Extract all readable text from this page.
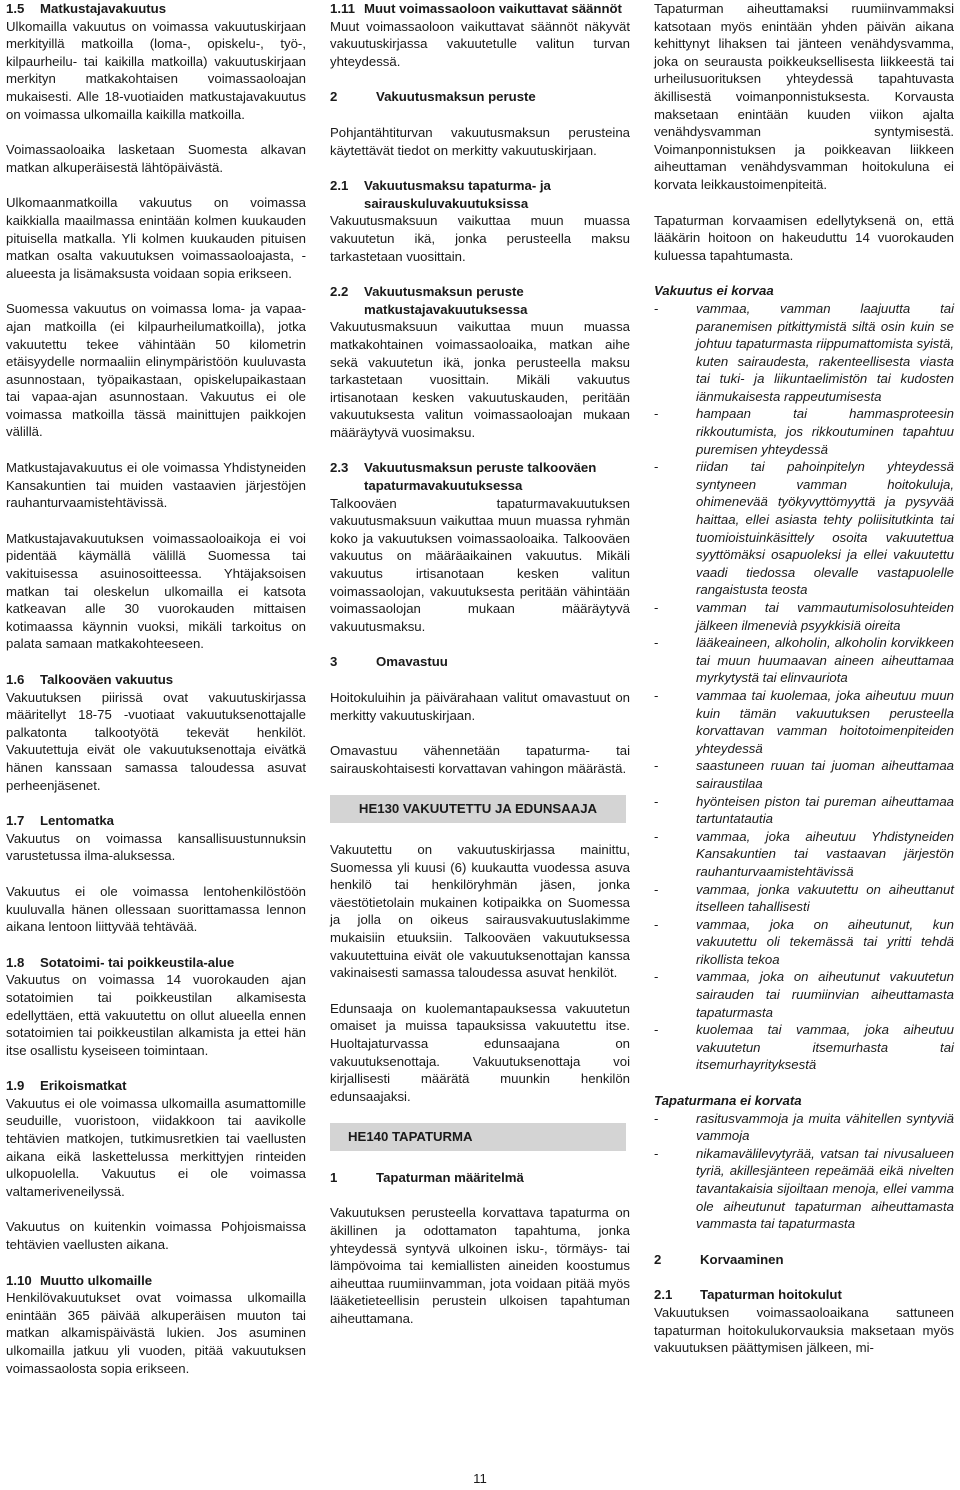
1.5 Matkustajavakuutus

Ulkomailla vakuutus on voimassa vakuutuskirjaan merkityillä matkoilla (loma-, opiskelu-, työ-, kilpaurheilu- tai kaikilla matkoilla) vakuutuskirjaan merkityn matkakohtaisen voimassaoloajan mukaisesti. Alle 18-vuotiaiden matkustajavakuutus on voimassa ulkomailla kaikilla matkoilla.

Voimassaoloaika lasketaan Suomesta alkavan matkan alkuperäisestä lähtöpäivästä.

Ulkomaanmatkoilla vakuutus on voimassa kaikkialla maailmassa enintään kolmen kuukauden pituisella matkalla. Yli kolmen kuukauden pituisen matkan osalta vakuutuksen voimassaoloajasta, -alueesta ja lisämaksusta voidaan sopia erikseen.

Suomessa vakuutus on voimassa loma- ja vapaa-ajan matkoilla (ei kilpaurheilumatkoilla), jotka vakuutettu tekee vähintään 50 kilometrin etäisyydelle normaaliin elinympäristöön kuuluvasta asunnostaan, työpaikastaan, opiskelupaikastaan tai vapaa-ajan asunnostaan. Vakuutus ei ole voimassa matkoilla tässä mainittujen paikkojen välillä.

Matkustajavakuutus ei ole voimassa Yhdistyneiden Kansakuntien tai muiden vastaavien järjestöjen rauhanturvaamistehtävissä.

Matkustajavakuutuksen voimassaoloaikoja ei voi pidentää käymällä välillä Suomessa tai vakituisessa asuinosoitteessa. Yhtäjaksoisen matkan tai oleskelun ulkomailla ei katsota katkeavan alle 30 vuorokauden mittaisen kotimaassa käynnin vuoksi, mikäli tarkoitus on palata samaan matkakohteeseen.

1.6 Talkooväen vakuutus

Vakuutuksen piirissä ovat vakuutuskirjassa määritellyt 18-75 -vuotiaat vakuutuksenottajalle palkatonta talkootyötä tekevät henkilöt. Vakuutettuja eivät ole vakuutuksenottaja eivätkä hänen kanssaan samassa taloudessa asuvat perheenjäsenet.

1.7 Lentomatka

Vakuutus on voimassa kansallisuustunnuksin varustetussa ilma-aluksessa.

Vakuutus ei ole voimassa lentohenkilöstöön kuuluvalla hänen ollessaan suorittamassa lennon aikana lentoon liittyvää tehtävää.

1.8 Sotatoimi- tai poikkeustila-alue

Vakuutus on voimassa 14 vuorokauden ajan sotatoimien tai poikkeustilan alkamisesta edellyttäen, että vakuutettu on ollut alueella ennen sotatoimien tai poikkeustilan alkamista ja ettei hän itse osallistu kyseiseen toimintaan.

1.9 Erikoismatkat

Vakuutus ei ole voimassa ulkomailla asumattomille seuduille, vuoristoon, viidakkoon tai aavikolle tehtävien matkojen, tutkimusretkien tai vaellusten aikana eikä laskettelussa merkittyjen rinteiden ulkopuolella. Vakuutus ei ole voimassa valtameriveneilyssä.

Vakuutus on kuitenkin voimassa Pohjoismaissa tehtävien vaellusten aikana.

1.10 Muutto ulkomaille

Henkilövakuutukset ovat voimassa ulkomailla enintään 365 päivää alkuperäisen muuton tai matkan alkamispäivästä lukien. Jos asuminen ulkomailla jatkuu yli vuoden, pitää vakuutuksen voimassaolosta sopia erikseen.

1.11 Muut voimassaoloon vaikuttavat säännöt

Muut voimassaoloon vaikuttavat säännöt näkyvät vakuutuskirjassa vakuutetulle valitun turvan yhteydessä.

2	Vakuutusmaksun peruste

Pohjantähtiturvan vakuutusmaksun perusteina käytettävät tiedot on merkitty vakuutuskirjaan.

2.1	Vakuutusmaksu tapaturma- ja sairauskuluvakuutuksissa

Vakuutusmaksuun vaikuttaa muun muassa vakuutetun ikä, jonka perusteella maksu tarkastetaan vuosittain.

2.2	Vakuutusmaksun peruste matkustajavakuutuksessa

Vakuutusmaksuun vaikuttaa muun muassa matkakohtainen voimassaoloaika, matkan aihe sekä vakuutetun ikä, jonka perusteella maksu tarkastetaan vuosittain. Mikäli vakuutus irtisanotaan kesken vakuutuskauden, peritään vakuutuksesta valitun voimassaoloajan mukaan määräytyvä vuosimaksu.

2.3	Vakuutusmaksun peruste talkooväen tapaturmavakuutuksessa

Talkooväen tapaturmavakuutuksen vakuutusmaksuun vaikuttaa muun muassa ryhmän koko ja vakuutuksen voimassaoloaika. Talkooväen vakuutus on määräaikainen vakuutus. Mikäli vakuutus irtisanotaan kesken valitun voimassaolojan, vakuutuksesta peritään vähintään voimassaolojan mukaan määräytyvä vakuutusmaksu.

3	Omavastuu

Hoitokuluihin ja päivärahaan valitut omavastuut on merkitty vakuutuskirjaan.

Omavastuu vähennetään tapaturma- tai sairauskohtaisesti korvattavan vahingon määrästä.

HE130 VAKUUTETTU JA EDUNSAAJA

Vakuutettu on vakuutuskirjassa mainittu, Suomessa yli kuusi (6) kuukautta vuodessa asuva henkilö tai henkilöryhmän jäsen, jonka väestötietolain mukainen kotipaikka on Suomessa ja jolla on oikeus sairausvakuutuslakimme mukaisiin etuuksiin. Talkooväen vakuutuksessa vakuutettuina eivät ole vakuutuksenottajan kanssa vakinaisesti samassa taloudessa asuvat henkilöt.

Edunsaaja on kuolemantapauksessa vakuutetun omaiset ja muissa tapauksissa vakuutettu itse. Huoltajaturvassa edunsaajana on vakuutuksenottaja. Vakuutuksenottaja voi kirjallisesti määrätä muunkin henkilön edunsaajaksi.

HE140 TAPATURMA
1	Tapaturman määritelmä

Vakuutuksen perusteella korvattava tapaturma on äkillinen ja odottamaton tapahtuma, jonka yhteydessä syntyvä ulkoinen isku-, törmäys- tai lämpövoima tai kemiallisten aineiden koostumus aiheuttaa ruumiinvamman, jota voidaan pitää myös lääketieteellisin perustein ulkoisen tapahtuman aiheuttamana.

Tapaturman aiheuttamaksi ruumiinvammaksi katsotaan myös enintään yhden päivän aikana kehittynyt lihaksen tai jänteen venähdysvamma, joka on seurausta poikkeuksellisesta liikkeestä tai urheilusuorituksen yhteydessä tapahtuvasta äkillisestä voimanponnistuksesta. Korvausta maksetaan enintään kuuden viikon ajalta venähdysvamman syntymisestä. Voimanponnistuksen ja poikkeavan liikkeen aiheuttaman venähdysvamman hoitokuluna ei korvata leikkaustoimenpiteitä.

Tapaturman korvaamisen edellytyksenä on, että lääkärin hoitoon on hakeuduttu 14 vuorokauden kuluessa tapahtumasta.

Vakuutus ei korvaa
-	vammaa, vamman laajuutta tai paranemisen pitkittymistä siltä osin kuin se johtuu tapaturmasta riippumattomista syistä, kuten sairaudesta, rakenteellisesta viasta tai tuki- ja liikuntaelimistön tai kudosten iänmukaisesta rappeutumisesta
-	hampaan tai hammasproteesin rikkoutumista, jos rikkoutuminen tapahtuu puremisen yhteydessä
-	riidan tai pahoinpitelyn yhteydessä syntyneen vamman hoitokuluja, ohimenevää työkyvyttömyyttä ja pysyvää haittaa, ellei asiasta tehty poliisitutkinta tai tuomioistuinkäsittely osoita vakuutettua syyttömäksi osapuoleksi ja ellei vakuutettu vaadi tiedossa olevalle vastapuolelle rangaistusta teosta
-	vamman tai vammautumisolosuhteiden jälkeen ilmenevià psyykkisiä oireita
-	lääkeaineen, alkoholin, alkoholin korvikkeen tai muun huumaavan aineen aiheuttamaa myrkytystä tai elinvauriota
-	vammaa tai kuolemaa, joka aiheutuu muun kuin tämän vakuutuksen perusteella korvattavan vamman hoitotoimenpiteiden yhteydessä
-	saastuneen ruuan tai juoman aiheuttamaa sairaustilaa
-	hyönteisen piston tai pureman aiheuttamaa tartuntatautia
-	vammaa, joka aiheutuu Yhdistyneiden Kansakuntien tai vastaavan järjestön rauhanturvaamistehtävissä
-	vammaa, jonka vakuutettu on aiheuttanut itselleen tahallisesti
-	vammaa, joka on aiheutunut, kun vakuutettu oli tekemässä tai yritti tehdä rikollista tekoa
-	vammaa, joka on aiheutunut vakuutetun sairauden tai ruumiinvian aiheuttamasta tapaturmasta
-	kuolemaa tai vammaa, joka aiheutuu vakuutetun itsemurhasta tai itsemurhayrityksestä
Tapaturmana ei korvata
-	rasitusvammoja ja muita vähitellen syntyviä vammoja
-	nikamavälilevytyrää, vatsan tai nivusalueen tyriä, akillesjänteen repeämää eikä nivelten tavantakaisia sijoiltaan menoja, ellei vamma ole aiheutunut tapaturman aiheuttamasta vammasta tai tapaturmasta
2	Korvaaminen
2.1 Tapaturman hoitokulut

Vakuutuksen voimassaoloaikana sattuneen tapaturman hoitokulukorvauksia maksetaan myös vakuutuksen päättymisen jälkeen, mi-

11
